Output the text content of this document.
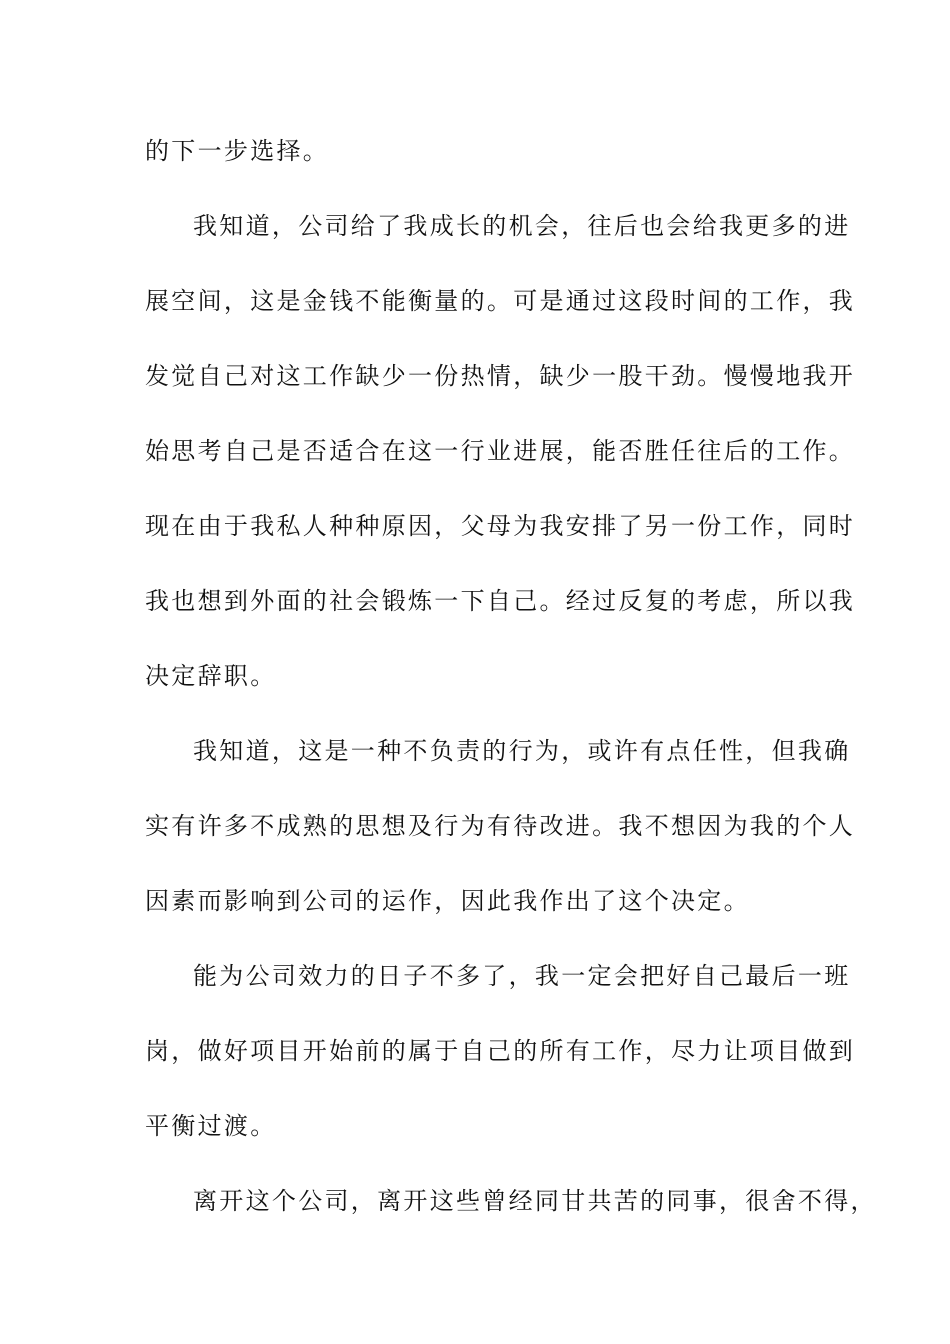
的下一步选择。

我知道，公司给了我成长的机会，往后也会给我更多的进

展空间，这是金钱不能衡量的。可是通过这段时间的工作，我

发觉自己对这工作缺少一份热情，缺少一股干劲。慢慢地我开

始思考自己是否适合在这一行业进展，能否胜任往后的工作。

现在由于我私人种种原因，父母为我安排了另一份工作，同时

我也想到外面的社会锻炼一下自己。经过反复的考虑，所以我

决定辞职。

我知道，这是一种不负责的行为，或许有点任性，但我确

实有许多不成熟的思想及行为有待改进。我不想因为我的个人

因素而影响到公司的运作，因此我作出了这个决定。

能为公司效力的日子不多了，我一定会把好自己最后一班

岗，做好项目开始前的属于自己的所有工作，尽力让项目做到

平衡过渡。

离开这个公司，离开这些曾经同甘共苦的同事，很舍不得，
